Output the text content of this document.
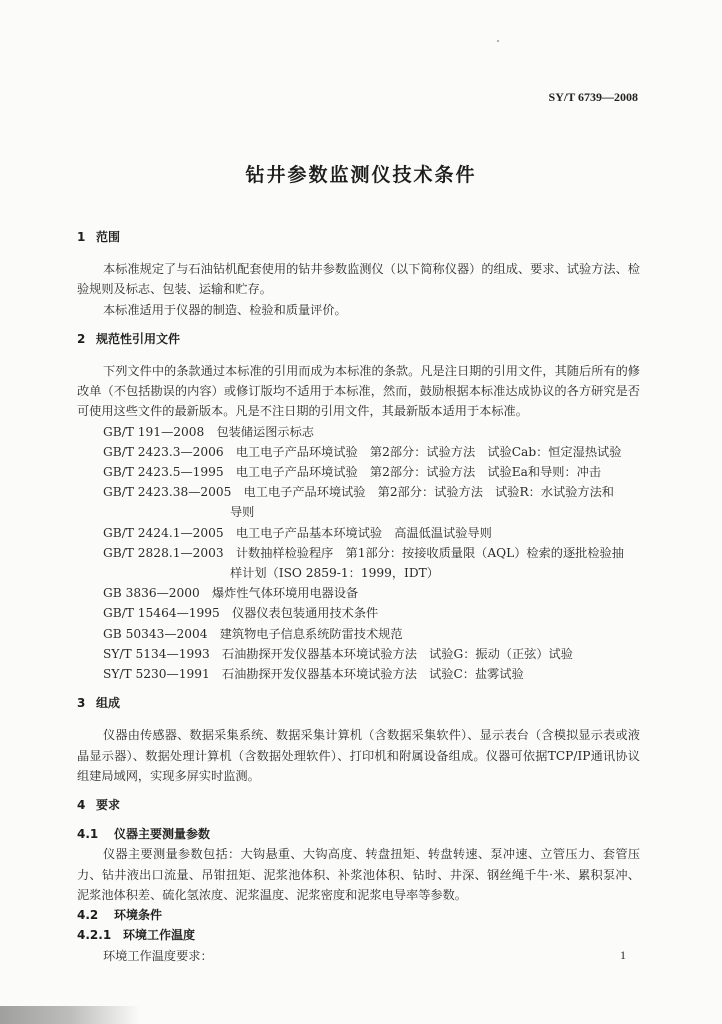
SY/T 6739—2008
钻井参数监测仪技术条件
1 范围

本标准规定了与石油钻机配套使用的钻井参数监测仪（以下简称仪器）的组成、要求、试验方法、检验规则及标志、包装、运输和贮存。

本标准适用于仪器的制造、检验和质量评价。

2 规范性引用文件

下列文件中的条款通过本标准的引用而成为本标准的条款。凡是注日期的引用文件，其随后所有的修改单（不包括勘误的内容）或修订版均不适用于本标准，然而，鼓励根据本标准达成协议的各方研究是否可使用这些文件的最新版本。凡是不注日期的引用文件，其最新版本适用于本标准。

GB/T 191—2008　 包装储运图示标志
GB/T 2423.3—2006　 电工电子产品环境试验　第2部分：试验方法　试验Cab：恒定湿热试验
GB/T 2423.5—1995　 电工电子产品环境试验　第2部分：试验方法　试验Ea和导则：冲击
GB/T 2423.38—2005　 电工电子产品环境试验　第2部分：试验方法　试验R：水试验方法和
导则
GB/T 2424.1—2005　 电工电子产品基本环境试验　高温低温试验导则
GB/T 2828.1—2003　 计数抽样检验程序　第1部分：按接收质量限（AQL）检索的逐批检验抽
样计划（ISO 2859-1：1999，IDT）
GB 3836—2000　 爆炸性气体环境用电器设备
GB/T 15464—1995　 仪器仪表包装通用技术条件
GB 50343—2004　 建筑物电子信息系统防雷技术规范
SY/T 5134—1993　 石油勘探开发仪器基本环境试验方法　试验G：振动（正弦）试验
SY/T 5230—1991　 石油勘探开发仪器基本环境试验方法　试验C：盐雾试验
3 组成

仪器由传感器、数据采集系统、数据采集计算机（含数据采集软件）、显示表台（含模拟显示表或液晶显示器）、数据处理计算机（含数据处理软件）、打印机和附属设备组成。仪器可依据TCP/IP通讯协议组建局域网，实现多屏实时监测。

4 要求
4.1 仪器主要测量参数

仪器主要测量参数包括：大钩悬重、大钩高度、转盘扭矩、转盘转速、泵冲速、立管压力、套管压力、钻井液出口流量、吊钳扭矩、泥浆池体积、补浆池体积、钻时、井深、钢丝绳千牛·米、累积泵冲、泥浆池体积差、硫化氢浓度、泥浆温度、泥浆密度和泥浆电导率等参数。

4.2 环境条件
4.2.1 环境工作温度

环境工作温度要求：	1
